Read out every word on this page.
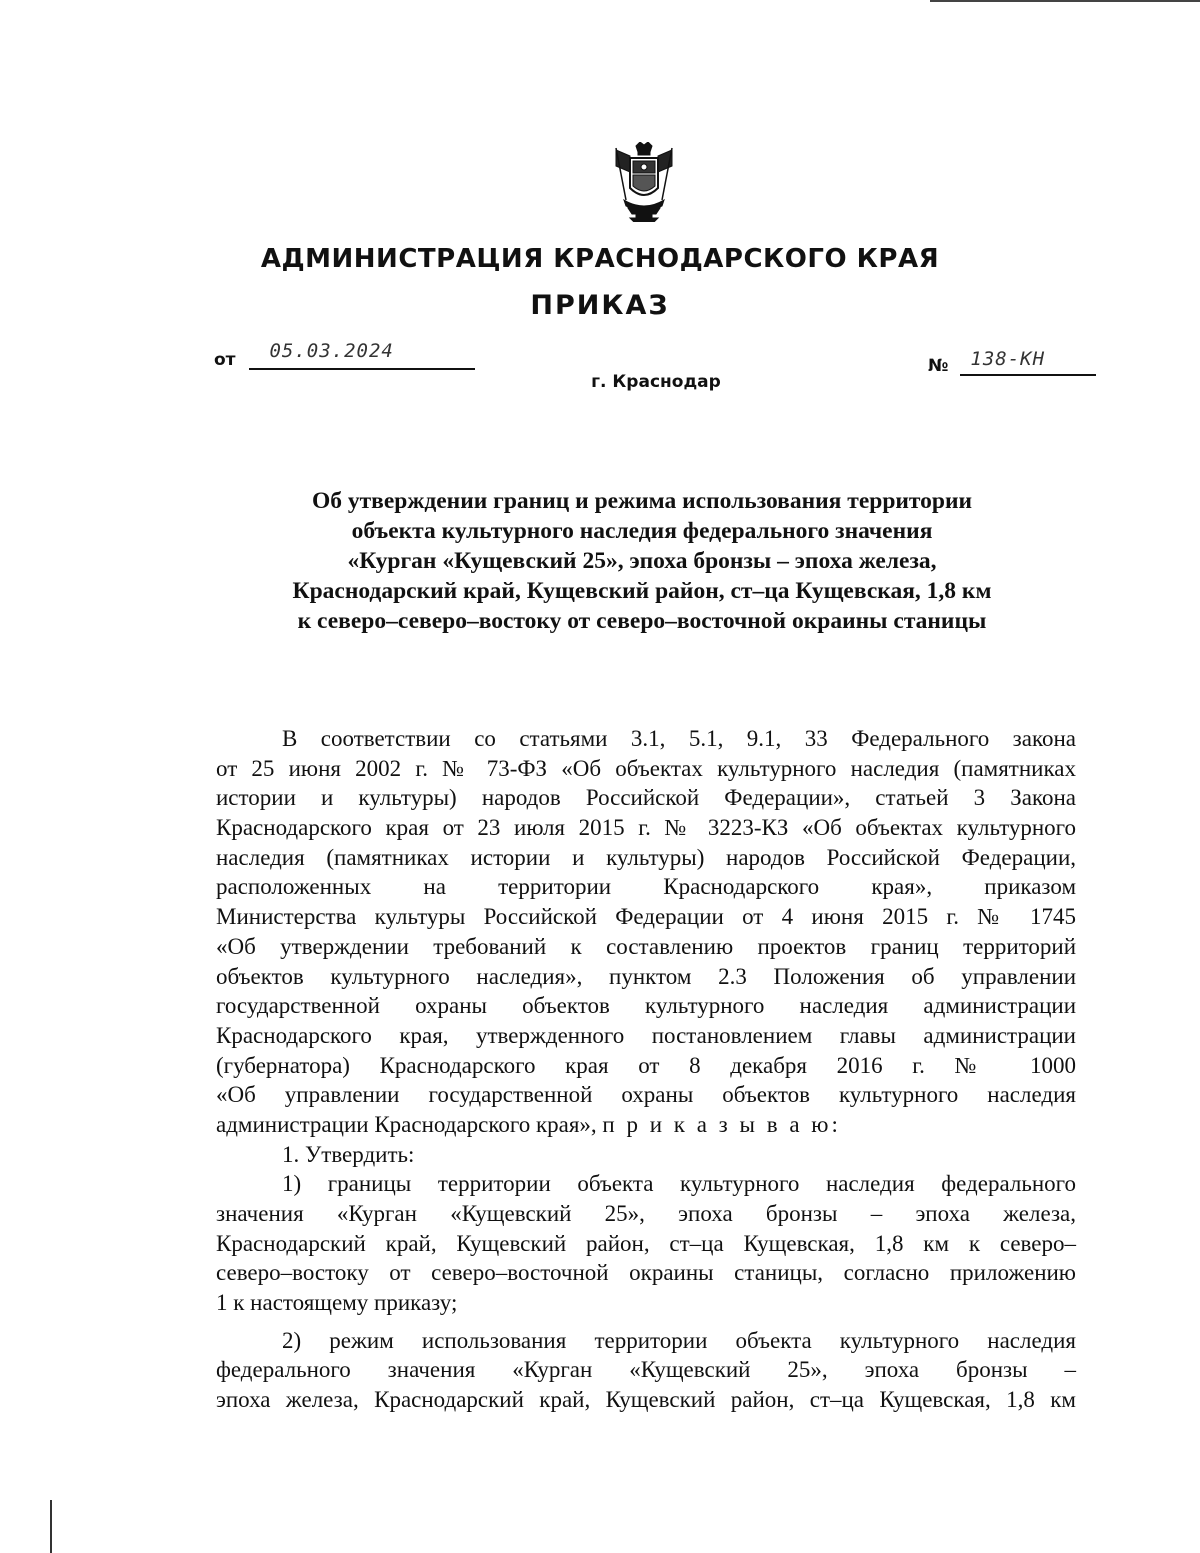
АДМИНИСТРАЦИЯ КРАСНОДАРСКОГО КРАЯ
ПРИКАЗ
от 05.03.2024
№ 138-КН
г. Краснодар
Об утверждении границ и режима использования территории
объекта культурного наследия федерального значения
«Курган «Кущевский 25», эпоха бронзы – эпоха железа,
Краснодарский край, Кущевский район, ст–ца Кущевская, 1,8 км
к северо–северо–востоку от северо–восточной окраины станицы
В соответствии со статьями 3.1, 5.1, 9.1, 33 Федерального закона
от 25 июня 2002 г. № 73-ФЗ «Об объектах культурного наследия (памятниках
истории и культуры) народов Российской Федерации», статьей 3 Закона
Краснодарского края от 23 июля 2015 г. № 3223-КЗ «Об объектах культурного
наследия (памятниках истории и культуры) народов Российской Федерации,
расположенных на территории Краснодарского края», приказом
Министерства культуры Российской Федерации от 4 июня 2015 г. № 1745
«Об утверждении требований к составлению проектов границ территорий
объектов культурного наследия», пунктом 2.3 Положения об управлении
государственной охраны объектов культурного наследия администрации
Краснодарского края, утвержденного постановлением главы администрации
(губернатора) Краснодарского края от 8 декабря 2016 г. № 1000
«Об управлении государственной охраны объектов культурного наследия
администрации Краснодарского края», п р и к а з ы в а ю:
1. Утвердить:
1) границы территории объекта культурного наследия федерального
значения «Курган «Кущевский 25», эпоха бронзы – эпоха железа,
Краснодарский край, Кущевский район, ст–ца Кущевская, 1,8 км к северо–
северо–востоку от северо–восточной окраины станицы, согласно приложению
1 к настоящему приказу;
2) режим использования территории объекта культурного наследия
федерального значения «Курган «Кущевский 25», эпоха бронзы –
эпоха железа, Краснодарский край, Кущевский район, ст–ца Кущевская, 1,8 км
